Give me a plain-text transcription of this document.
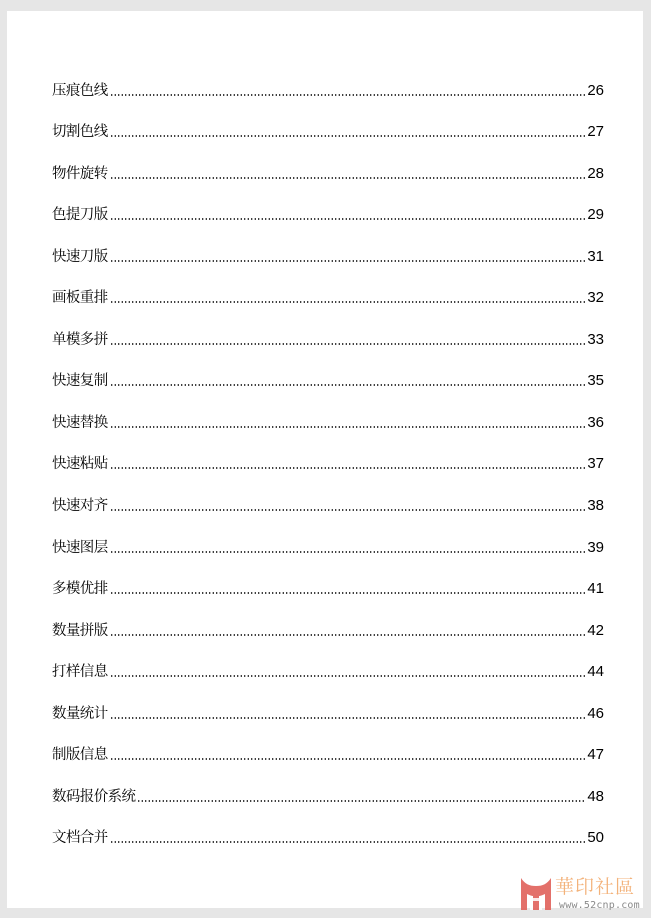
压痕色线	26
切割色线	27
物件旋转	28
色提刀版	29
快速刀版	31
画板重排	32
单模多拼	33
快速复制	35
快速替换	36
快速粘贴	37
快速对齐	38
快速图层	39
多模优排	41
数量拼版	42
打样信息	44
数量统计	46
制版信息	47
数码报价系统	48
文档合并	50
華印社區
www.52cnp.com
